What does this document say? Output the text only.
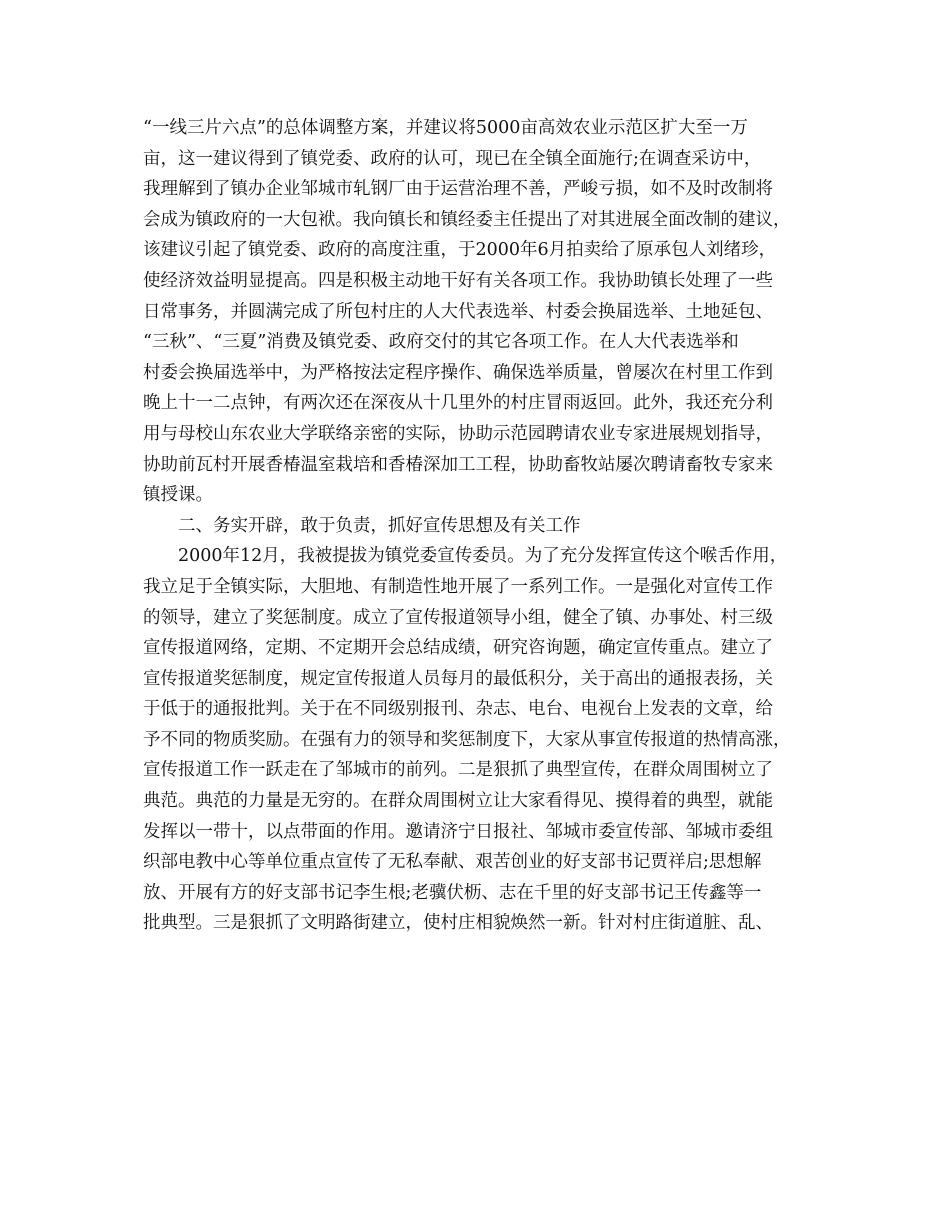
“一线三片六点”的总体调整方案，并建议将5000亩高效农业示范区扩大至一万
亩，这一建议得到了镇党委、政府的认可，现已在全镇全面施行;在调查采访中，
我理解到了镇办企业邹城市轧钢厂由于运营治理不善，严峻亏损，如不及时改制将
会成为镇政府的一大包袱。我向镇长和镇经委主任提出了对其进展全面改制的建议，
该建议引起了镇党委、政府的高度注重，于2000年6月拍卖给了原承包人刘绪珍，
使经济效益明显提高。四是积极主动地干好有关各项工作。我协助镇长处理了一些
日常事务，并圆满完成了所包村庄的人大代表选举、村委会换届选举、土地延包、
“三秋”、“三夏”消费及镇党委、政府交付的其它各项工作。在人大代表选举和
村委会换届选举中，为严格按法定程序操作、确保选举质量，曾屡次在村里工作到
晚上十一二点钟，有两次还在深夜从十几里外的村庄冒雨返回。此外，我还充分利
用与母校山东农业大学联络亲密的实际，协助示范园聘请农业专家进展规划指导，
协助前瓦村开展香椿温室栽培和香椿深加工工程，协助畜牧站屡次聘请畜牧专家来
镇授课。
二、务实开辟，敢于负责，抓好宣传思想及有关工作
2000年12月，我被提拔为镇党委宣传委员。为了充分发挥宣传这个喉舌作用，
我立足于全镇实际，大胆地、有制造性地开展了一系列工作。一是强化对宣传工作
的领导，建立了奖惩制度。成立了宣传报道领导小组，健全了镇、办事处、村三级
宣传报道网络，定期、不定期开会总结成绩，研究咨询题，确定宣传重点。建立了
宣传报道奖惩制度，规定宣传报道人员每月的最低积分，关于高出的通报表扬，关
于低于的通报批判。关于在不同级别报刊、杂志、电台、电视台上发表的文章，给
予不同的物质奖励。在强有力的领导和奖惩制度下，大家从事宣传报道的热情高涨，
宣传报道工作一跃走在了邹城市的前列。二是狠抓了典型宣传，在群众周围树立了
典范。典范的力量是无穷的。在群众周围树立让大家看得见、摸得着的典型，就能
发挥以一带十，以点带面的作用。邀请济宁日报社、邹城市委宣传部、邹城市委组
织部电教中心等单位重点宣传了无私奉献、艰苦创业的好支部书记贾祥启;思想解
放、开展有方的好支部书记李生根;老骥伏枥、志在千里的好支部书记王传鑫等一
批典型。三是狠抓了文明路街建立，使村庄相貌焕然一新。针对村庄街道脏、乱、
